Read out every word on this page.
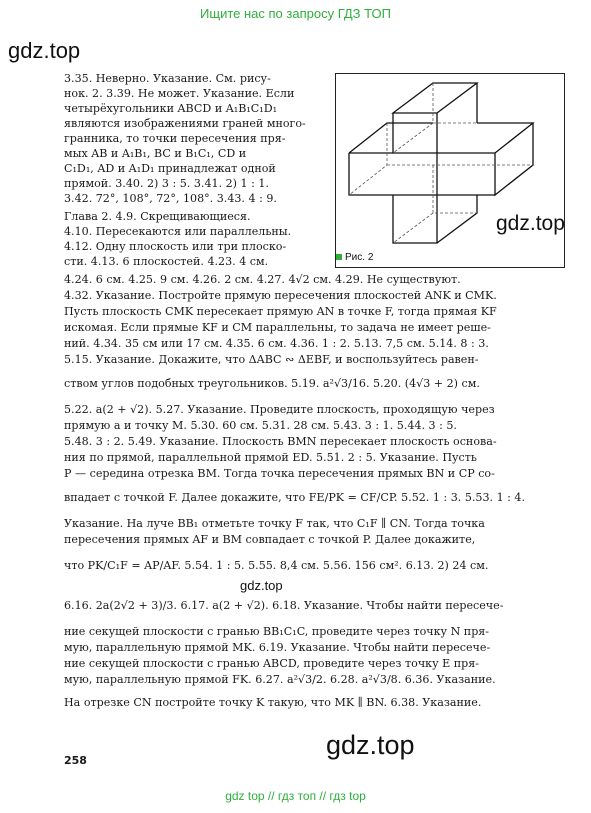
Ищите нас по запросу ГДЗ ТОП
gdz.top
Рис. 2
gdz.top
3.35. Неверно. Указание. См. рису-
нок. 2. 3.39. Не может. Указание. Если
четырёхугольники ABCD и A₁B₁C₁D₁
являются изображениями граней много-
гранника, то точки пересечения пря-
мых AB и A₁B₁, BC и B₁C₁, CD и
C₁D₁, AD и A₁D₁ принадлежат одной
прямой. 3.40. 2) 3 : 5. 3.41. 2) 1 : 1.
3.42. 72°, 108°, 72°, 108°. 3.43. 4 : 9.
Глава 2. 4.9. Скрещивающиеся.
4.10. Пересекаются или параллельны.
4.12. Одну плоскость или три плоско-
сти. 4.13. 6 плоскостей. 4.23. 4 см.
4.24. 6 см. 4.25. 9 см. 4.26. 2 см. 4.27. 4√2 см. 4.29. Не существуют.
4.32. Указание. Постройте прямую пересечения плоскостей ANK и CMK.
Пусть плоскость CMK пересекает прямую AN в точке F, тогда прямая KF
искомая. Если прямые KF и CM параллельны, то задача не имеет реше-
ний. 4.34. 35 см или 17 см. 4.35. 6 см. 4.36. 1 : 2. 5.13. 7,5 см. 5.14. 8 : 3.
5.15. Указание. Докажите, что ΔABC ∾ ΔEBF, и воспользуйтесь равен-
ством углов подобных треугольников. 5.19. a²√3/16. 5.20. (4√3 + 2) см.
5.22. a(2 + √2). 5.27. Указание. Проведите плоскость, проходящую через
прямую a и точку M. 5.30. 60 см. 5.31. 28 см. 5.43. 3 : 1. 5.44. 3 : 5.
5.48. 3 : 2. 5.49. Указание. Плоскость BMN пересекает плоскость основа-
ния по прямой, параллельной прямой ED. 5.51. 2 : 5. Указание. Пусть
P — середина отрезка BM. Тогда точка пересечения прямых BN и CP со-
впадает с точкой F. Далее докажите, что FE/PK = CF/CP. 5.52. 1 : 3. 5.53. 1 : 4.
Указание. На луче BB₁ отметьте точку F так, что C₁F ∥ CN. Тогда точка
пересечения прямых AF и BM совпадает с точкой P. Далее докажите,
что PK/C₁F = AP/AF. 5.54. 1 : 5. 5.55. 8,4 см. 5.56. 156 см². 6.13. 2) 24 см.
gdz.top
6.16. 2a(2√2 + 3)/3. 6.17. a(2 + √2). 6.18. Указание. Чтобы найти пересече-
ние секущей плоскости с гранью BB₁C₁C, проведите через точку N пря-
мую, параллельную прямой MK. 6.19. Указание. Чтобы найти пересече-
ние секущей плоскости с гранью ABCD, проведите через точку E пря-
мую, параллельную прямой FK. 6.27. a²√3/2. 6.28. a²√3/8. 6.36. Указание.
На отрезке CN постройте точку K такую, что MK ∥ BN. 6.38. Указание.
gdz.top
258
gdz top // гдз топ // гдз top
